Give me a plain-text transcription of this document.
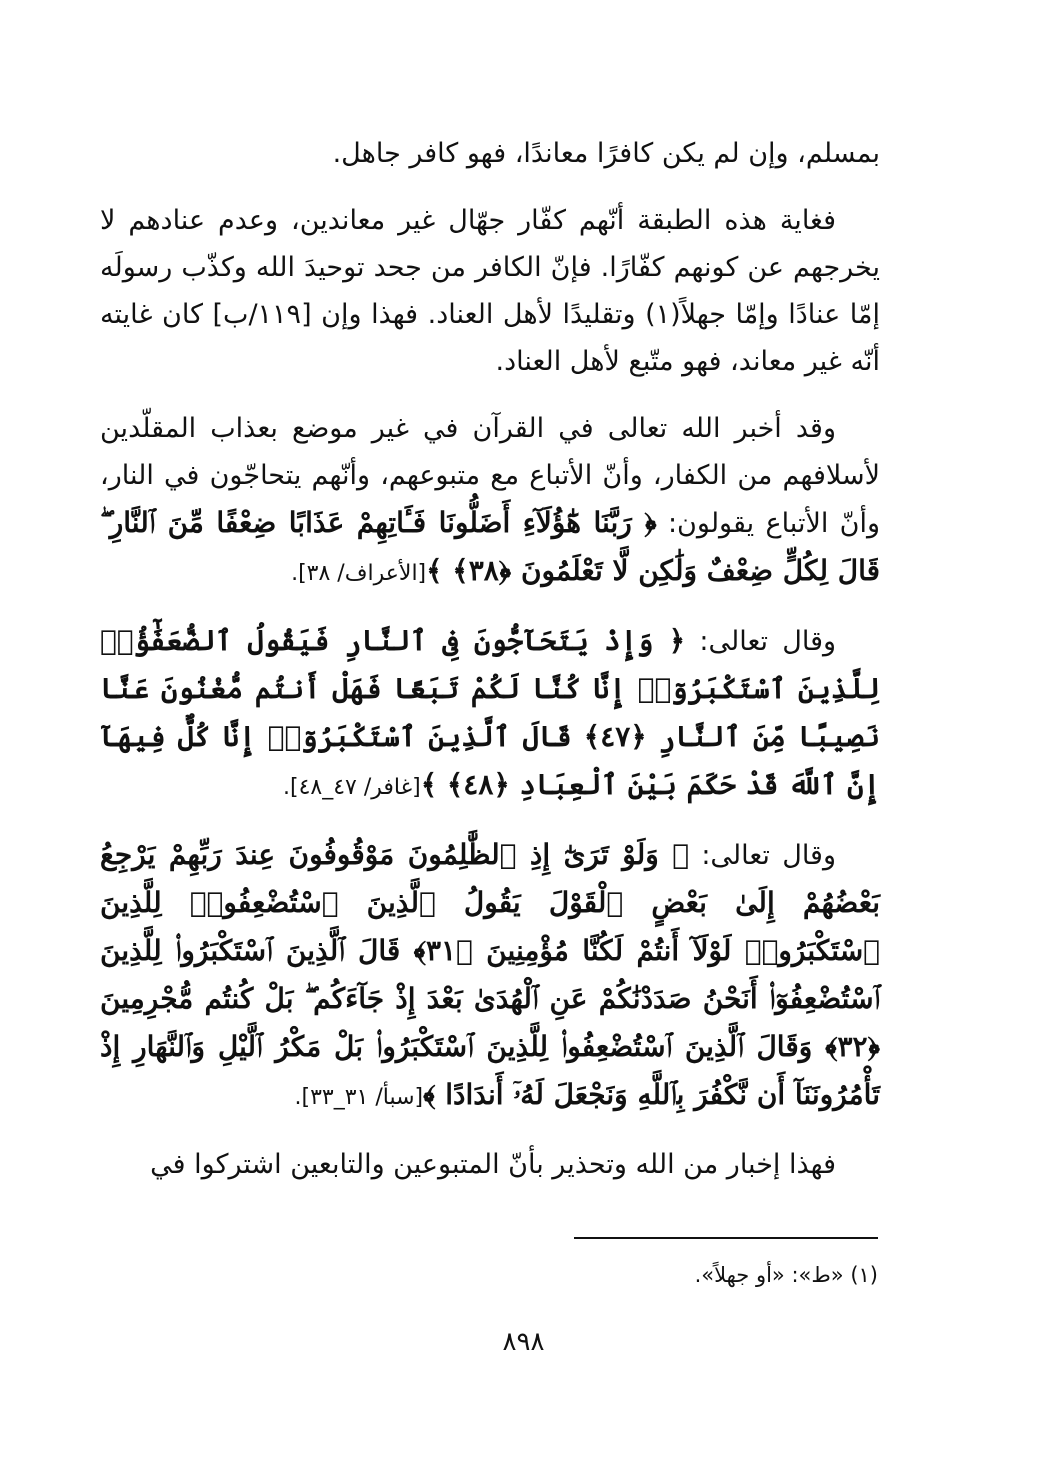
بمسلم، وإن لم يكن كافرًا معاندًا، فهو كافر جاهل.

فغاية هذه الطبقة أنّهم كفّار جهّال غير معاندين، وعدم عنادهم لا يخرجهم عن كونهم كفّارًا. فإنّ الكافر من جحد توحيدَ الله وكذّب رسولَه إمّا عنادًا وإمّا جهلاً(١) وتقليدًا لأهل العناد. فهذا وإن [١١٩/ب] كان غايته أنّه غير معاند، فهو متّبع لأهل العناد.

وقد أخبر الله تعالى في القرآن في غير موضع بعذاب المقلّدين لأسلافهم من الكفار، وأنّ الأتباع مع متبوعهم، وأنّهم يتحاجّون في النار، وأنّ الأتباع يقولون: ﴿ رَبَّنَا هَٰٓؤُلَآءِ أَضَلُّونَا فَـَٔاتِهِمْ عَذَابًا ضِعْفًا مِّنَ ٱلنَّارِ ۖ قَالَ لِكُلٍّ ضِعْفٌ وَلَٰكِن لَّا تَعْلَمُونَ ﴿٣٨﴾ ﴾[الأعراف/ ٣٨].

وقال تعالى: ﴿ وَإِذْ يَتَحَآجُّونَ فِى ٱلنَّارِ فَيَقُولُ ٱلضُّعَفَٰٓؤُا۟ لِلَّذِينَ ٱسْتَكْبَرُوٓا۟ إِنَّا كُنَّا لَكُمْ تَبَعًا فَهَلْ أَنتُم مُّغْنُونَ عَنَّا نَصِيبًا مِّنَ ٱلنَّارِ ﴿٤٧﴾ قَالَ ٱلَّذِينَ ٱسْتَكْبَرُوٓا۟ إِنَّا كُلٌّ فِيهَآ إِنَّ ٱللَّهَ قَدْ حَكَمَ بَيْنَ ٱلْعِبَادِ ﴿٤٨﴾ ﴾[غافر/ ٤٧_٤٨].

وقال تعالى: ﴿ وَلَوْ تَرَىٰٓ إِذِ ٱلظَّٰلِمُونَ مَوْقُوفُونَ عِندَ رَبِّهِمْ يَرْجِعُ بَعْضُهُمْ إِلَىٰ بَعْضٍ ٱلْقَوْلَ يَقُولُ ٱلَّذِينَ ٱسْتُضْعِفُوا۟ لِلَّذِينَ ٱسْتَكْبَرُوا۟ لَوْلَآ أَنتُمْ لَكُنَّا مُؤْمِنِينَ ﴿٣١﴾ قَالَ ٱلَّذِينَ ٱسْتَكْبَرُوا۟ لِلَّذِينَ ٱسْتُضْعِفُوٓا۟ أَنَحْنُ صَدَدْنَٰكُمْ عَنِ ٱلْهُدَىٰ بَعْدَ إِذْ جَآءَكُم ۖ بَلْ كُنتُم مُّجْرِمِينَ ﴿٣٢﴾ وَقَالَ ٱلَّذِينَ ٱسْتُضْعِفُوا۟ لِلَّذِينَ ٱسْتَكْبَرُوا۟ بَلْ مَكْرُ ٱلَّيْلِ وَٱلنَّهَارِ إِذْ تَأْمُرُونَنَآ أَن نَّكْفُرَ بِٱللَّهِ وَنَجْعَلَ لَهُۥٓ أَندَادًا ﴾[سبأ/ ٣١_٣٣].

فهذا إخبار من الله وتحذير بأنّ المتبوعين والتابعين اشتركوا في

(١) «ط»: «أو جهلاً».
٨٩٨
